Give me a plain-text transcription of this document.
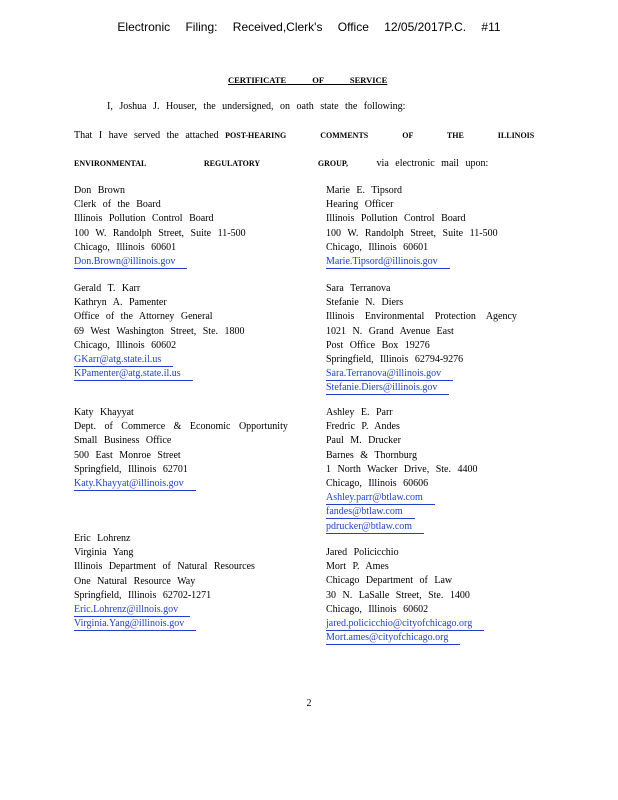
Electronic Filing: Received,Clerk's Office 12/05/2017P.C. #11
CERTIFICATE OF SERVICE
I, Joshua J. Houser, the undersigned, on oath state the following:
That I have served the attached POST-HEARING COMMENTS OF THE ILLINOIS
ENVIRONMENTAL REGULATORY GROUP,	via electronic mail upon:
Don Brown
Clerk of the Board
Illinois Pollution Control Board
100 W. Randolph Street, Suite 11-500
Chicago, Illinois 60601
Don.Brown@illinois.gov
Gerald T. Karr
Kathryn A. Pamenter
Office of the Attorney General
69 West Washington Street, Ste. 1800
Chicago, Illinois 60602
GKarr@atg.state.il.us
KPamenter@atg.state.il.us
Katy Khayyat
Dept. of Commerce & Economic Opportunity
Small Business Office
500 East Monroe Street
Springfield, Illinois 62701
Katy.Khayyat@illinois.gov
Eric Lohrenz
Virginia Yang
Illinois Department of Natural Resources
One Natural Resource Way
Springfield, Illinois 62702-1271
Eric.Lohrenz@illnois.gov
Virginia.Yang@illinois.gov
Marie E. Tipsord
Hearing Officer
Illinois Pollution Control Board
100 W. Randolph Street, Suite 11-500
Chicago, Illinois 60601
Marie.Tipsord@illinois.gov
Sara Terranova
Stefanie N. Diers
Illinois Environmental Protection Agency
1021 N. Grand Avenue East
Post Office Box 19276
Springfield, Illinois 62794-9276
Sara.Terranova@illinois.gov
Stefanie.Diers@illinois.gov
Ashley E. Parr
Fredric P. Andes
Paul M. Drucker
Barnes & Thornburg
1 North Wacker Drive, Ste. 4400
Chicago, Illinois 60606
Ashley.parr@btlaw.com
fandes@btlaw.com
pdrucker@btlaw.com
Jared Policicchio
Mort P. Ames
Chicago Department of Law
30 N. LaSalle Street, Ste. 1400
Chicago, Illinois 60602
jared.policicchio@cityofchicago.org
Mort.ames@cityofchicago.org
2
